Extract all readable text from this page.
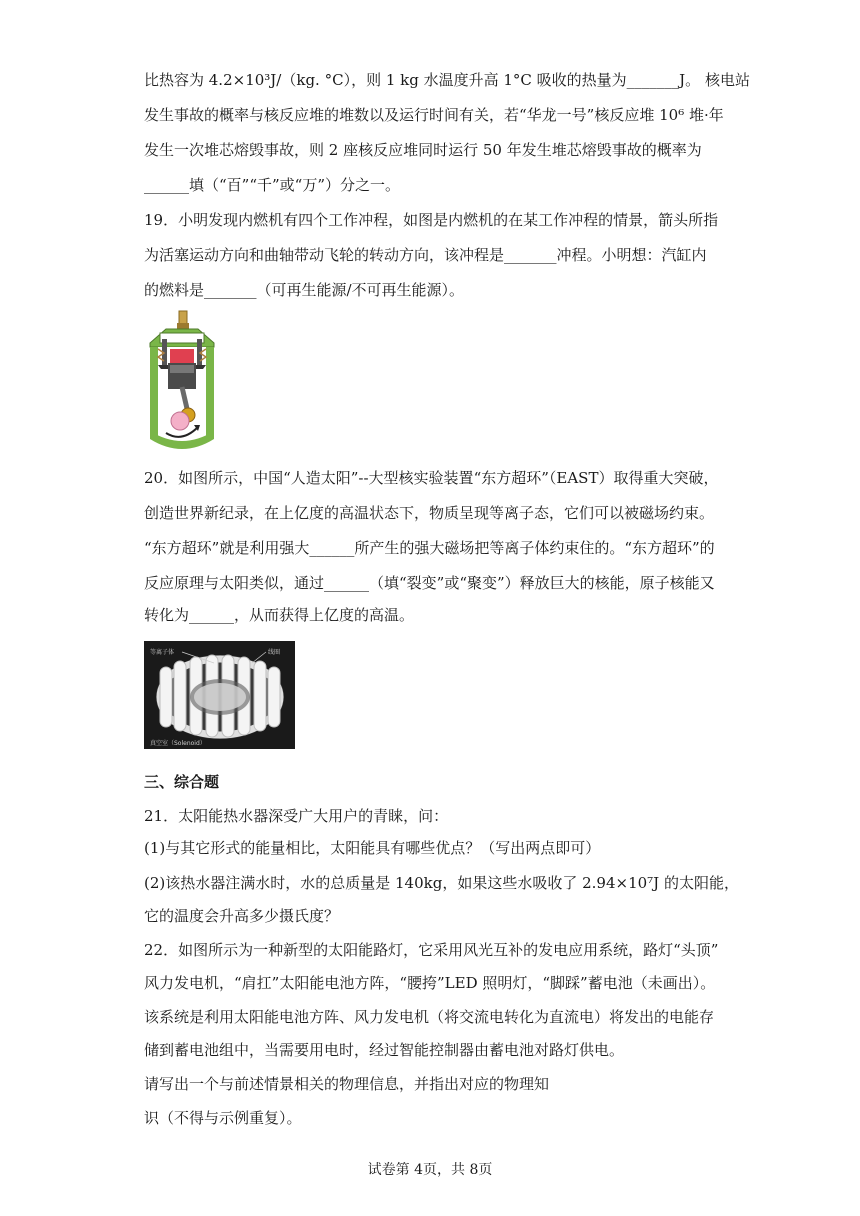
比热容为 4.2×10³J/（kg. °C），则 1 kg 水温度升高 1°C 吸收的热量为_______J。 核电站
发生事故的概率与核反应堆的堆数以及运行时间有关，若“华龙一号”核反应堆 10⁶ 堆·年
发生一次堆芯熔毁事故，则 2 座核反应堆同时运行 50 年发生堆芯熔毁事故的概率为
______填（“百”“千”或“万”）分之一。
19．小明发现内燃机有四个工作冲程，如图是内燃机的在某工作冲程的情景，箭头所指
为活塞运动方向和曲轴带动飞轮的转动方向，该冲程是_______冲程。小明想：汽缸内
的燃料是_______（可再生能源/不可再生能源）。
20．如图所示，中国“人造太阳”--大型核实验装置“东方超环”（EAST）取得重大突破，
创造世界新纪录，在上亿度的高温状态下，物质呈现等离子态，它们可以被磁场约束。
“东方超环”就是利用强大______所产生的强大磁场把等离子体约束住的。“东方超环”的
反应原理与太阳类似，通过______（填“裂变”或“聚变”）释放巨大的核能，原子核能又
转化为______，从而获得上亿度的高温。
等离子体	线圈
真空室（Solenoid）
三、综合题
21．太阳能热水器深受广大用户的青睐，问：
(1)与其它形式的能量相比，太阳能具有哪些优点？（写出两点即可）
(2)该热水器注满水时，水的总质量是 140kg，如果这些水吸收了 2.94×10⁷J 的太阳能，
它的温度会升高多少摄氏度？
22．如图所示为一种新型的太阳能路灯，它采用风光互补的发电应用系统，路灯“头顶”
风力发电机，“肩扛”太阳能电池方阵，“腰挎”LED 照明灯，“脚踩”蓄电池（未画出）。
该系统是利用太阳能电池方阵、风力发电机（将交流电转化为直流电）将发出的电能存
储到蓄电池组中，当需要用电时，经过智能控制器由蓄电池对路灯供电。
请写出一个与前述情景相关的物理信息，并指出对应的物理知
识（不得与示例重复）。
试卷第 4页，共 8页
